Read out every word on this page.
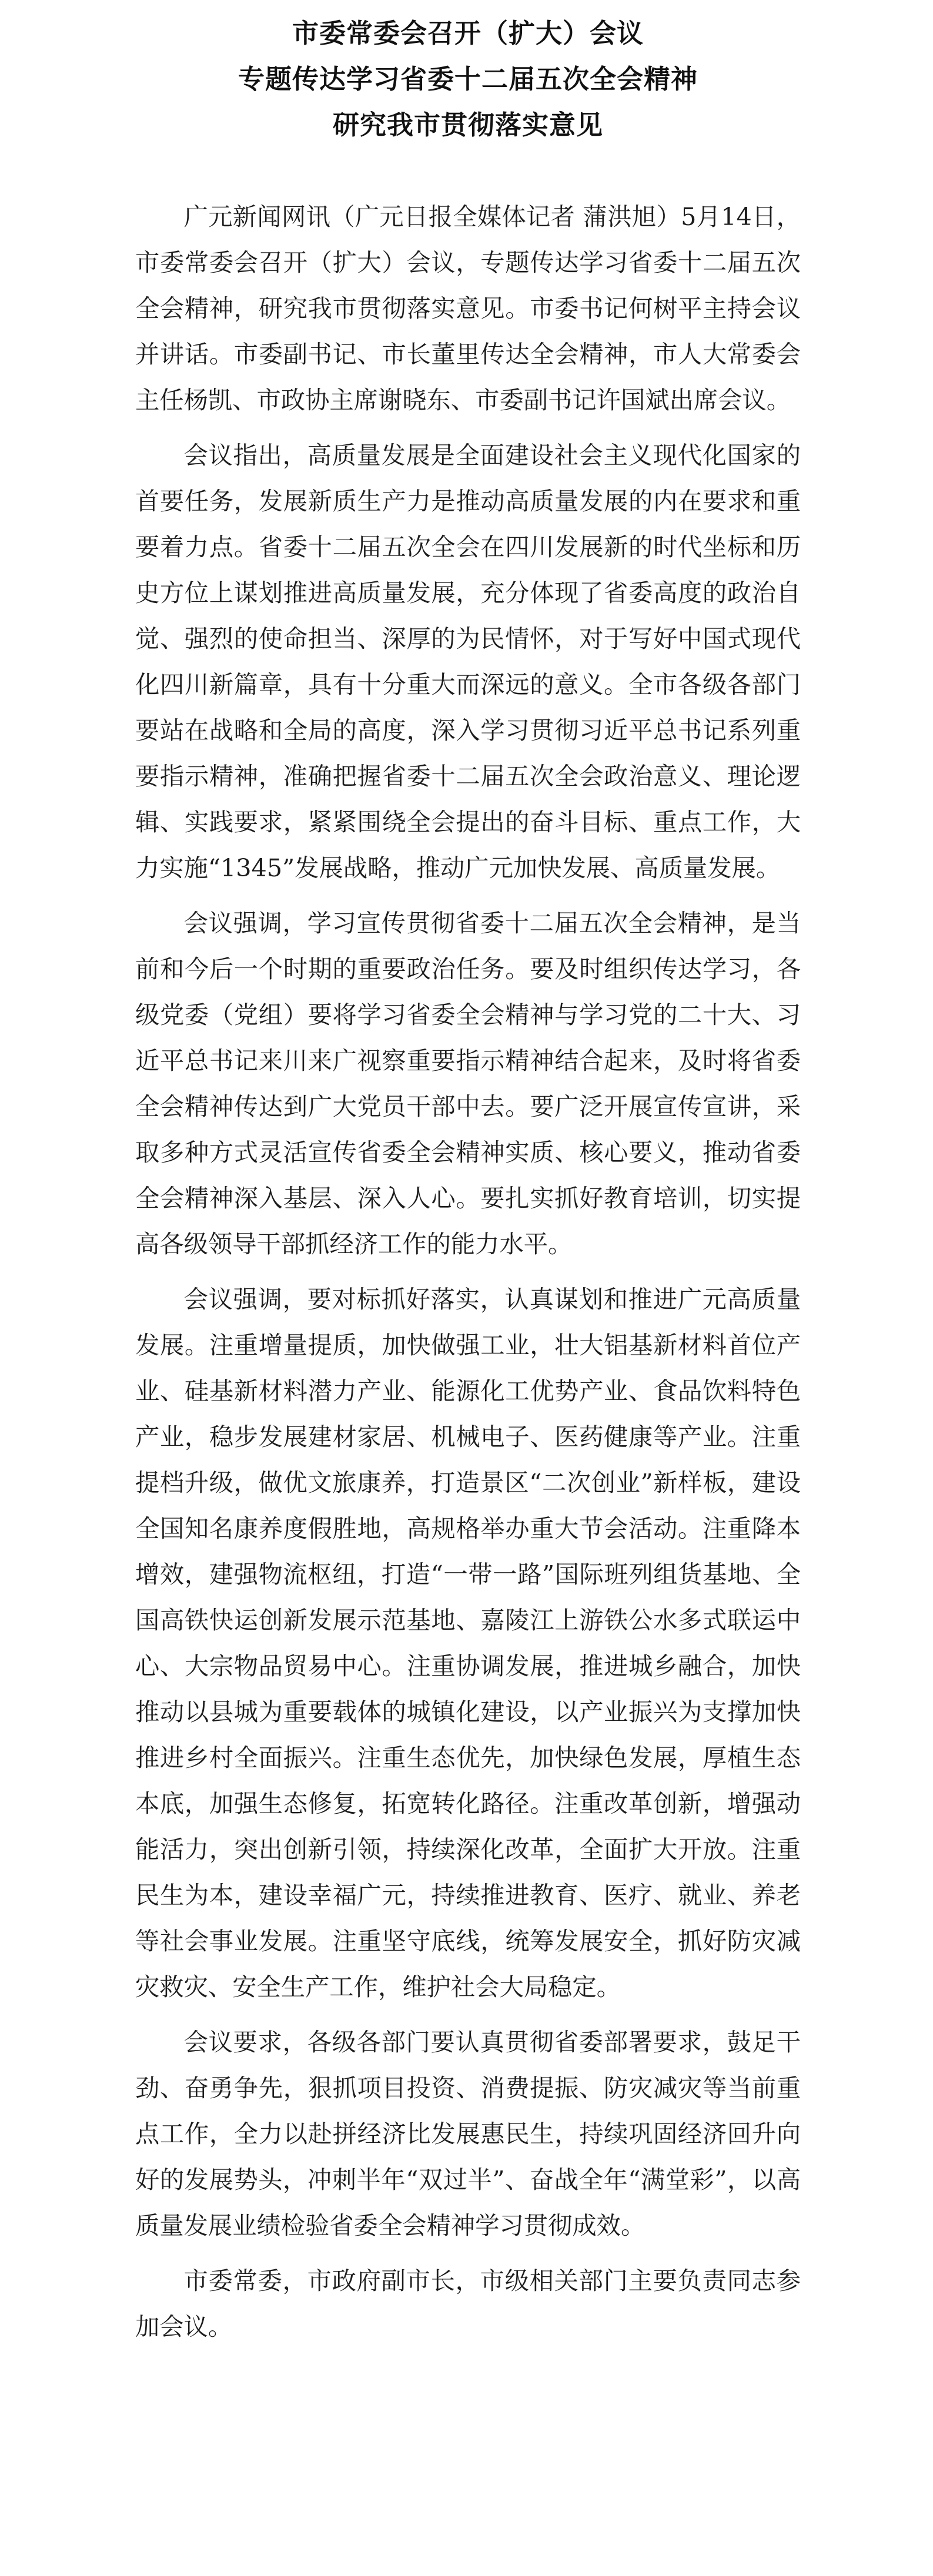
市委常委会召开（扩大）会议
专题传达学习省委十二届五次全会精神
研究我市贯彻落实意见

广元新闻网讯（广元日报全媒体记者 蒲洪旭）5月14日，市委常委会召开（扩大）会议，专题传达学习省委十二届五次全会精神，研究我市贯彻落实意见。市委书记何树平主持会议并讲话。市委副书记、市长董里传达全会精神，市人大常委会主任杨凯、市政协主席谢晓东、市委副书记许国斌出席会议。

会议指出，高质量发展是全面建设社会主义现代化国家的首要任务，发展新质生产力是推动高质量发展的内在要求和重要着力点。省委十二届五次全会在四川发展新的时代坐标和历史方位上谋划推进高质量发展，充分体现了省委高度的政治自觉、强烈的使命担当、深厚的为民情怀，对于写好中国式现代化四川新篇章，具有十分重大而深远的意义。全市各级各部门要站在战略和全局的高度，深入学习贯彻习近平总书记系列重要指示精神，准确把握省委十二届五次全会政治意义、理论逻辑、实践要求，紧紧围绕全会提出的奋斗目标、重点工作，大力实施“1345”发展战略，推动广元加快发展、高质量发展。

会议强调，学习宣传贯彻省委十二届五次全会精神，是当前和今后一个时期的重要政治任务。要及时组织传达学习，各级党委（党组）要将学习省委全会精神与学习党的二十大、习近平总书记来川来广视察重要指示精神结合起来，及时将省委全会精神传达到广大党员干部中去。要广泛开展宣传宣讲，采取多种方式灵活宣传省委全会精神实质、核心要义，推动省委全会精神深入基层、深入人心。要扎实抓好教育培训，切实提高各级领导干部抓经济工作的能力水平。

会议强调，要对标抓好落实，认真谋划和推进广元高质量发展。注重增量提质，加快做强工业，壮大铝基新材料首位产业、硅基新材料潜力产业、能源化工优势产业、食品饮料特色产业，稳步发展建材家居、机械电子、医药健康等产业。注重提档升级，做优文旅康养，打造景区“二次创业”新样板，建设全国知名康养度假胜地，高规格举办重大节会活动。注重降本增效，建强物流枢纽，打造“一带一路”国际班列组货基地、全国高铁快运创新发展示范基地、嘉陵江上游铁公水多式联运中心、大宗物品贸易中心。注重协调发展，推进城乡融合，加快推动以县城为重要载体的城镇化建设，以产业振兴为支撑加快推进乡村全面振兴。注重生态优先，加快绿色发展，厚植生态本底，加强生态修复，拓宽转化路径。注重改革创新，增强动能活力，突出创新引领，持续深化改革，全面扩大开放。注重民生为本，建设幸福广元，持续推进教育、医疗、就业、养老等社会事业发展。注重坚守底线，统筹发展安全，抓好防灾减灾救灾、安全生产工作，维护社会大局稳定。

会议要求，各级各部门要认真贯彻省委部署要求，鼓足干劲、奋勇争先，狠抓项目投资、消费提振、防灾减灾等当前重点工作，全力以赴拼经济比发展惠民生，持续巩固经济回升向好的发展势头，冲刺半年“双过半”、奋战全年“满堂彩”，以高质量发展业绩检验省委全会精神学习贯彻成效。

市委常委，市政府副市长，市级相关部门主要负责同志参加会议。
